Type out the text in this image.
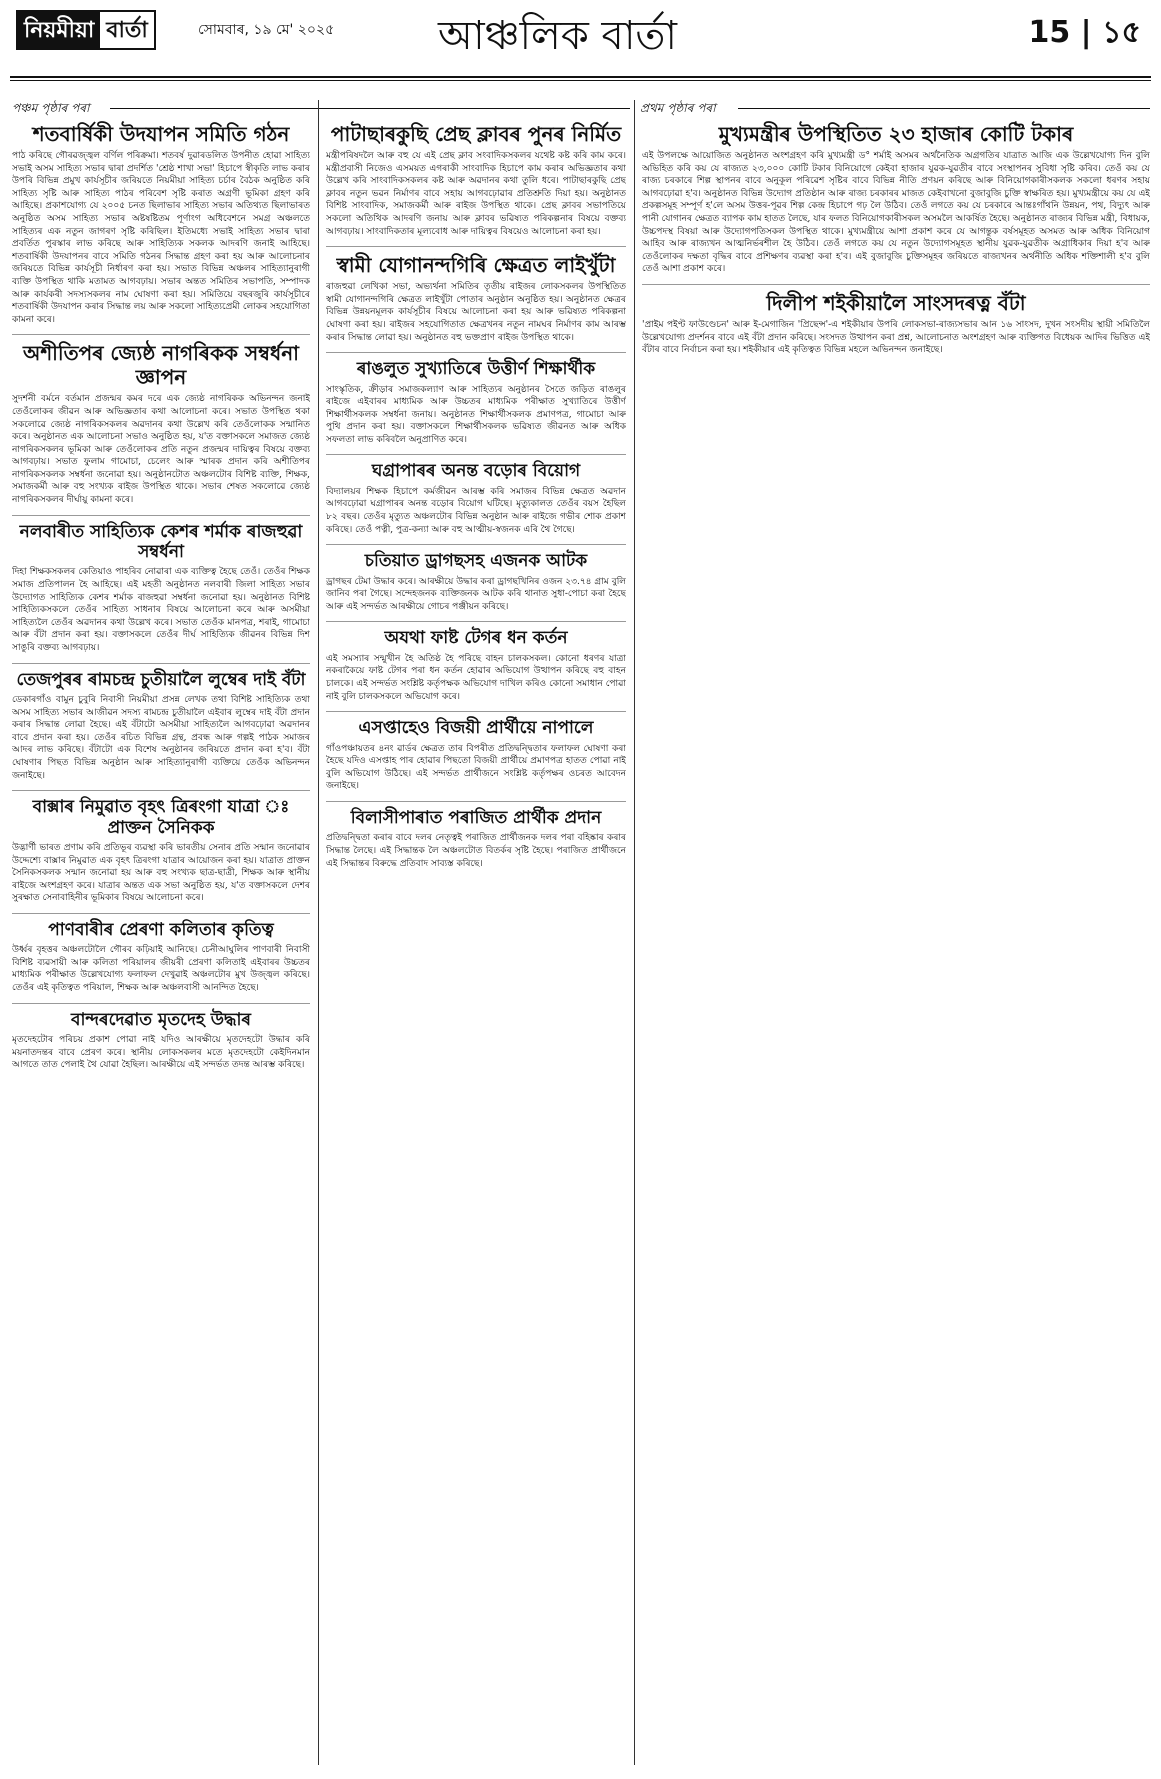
নিয়মীয়া বাৰ্তা	সোমবাৰ, ১৯ মে' ২০২৫	আঞ্চলিক বাৰ্তা	15 | ১৫
পঞ্চম পৃষ্ঠাৰ পৰা	প্ৰথম পৃষ্ঠাৰ পৰা
শতবাৰ্ষিকী উদযাপন সমিতি গঠন

পাঠ কৰিছে গৌৰৱজ্জ্বল বৰ্ণিল পৰিক্ৰমা। শতবৰ্ষ দুৱাৰডলিত উপনীত হোৱা সাহিত্য সভাই অসম সাহিত্য সভাৰ দ্বাৰা প্ৰদৰ্শিত 'শ্ৰেষ্ঠ শাখা সভা' হিচাপে স্বীকৃতি লাভ কৰাৰ উপৰি বিভিন্ন প্ৰমুখ কাৰ্যসূচীৰ জৰিয়তে নিয়মীয়া সাহিত্য চৰ্চাৰ বৈঠক অনুষ্ঠিত কৰি সাহিত্য সৃষ্টি আৰু সাহিত্য পাঠৰ পৰিবেশ সৃষ্টি কৰাত অগ্ৰণী ভূমিকা গ্ৰহণ কৰি আহিছে। প্ৰকাশযোগ্য যে ২০০৫ চনত ছিলাভাৰ সাহিত্য সভাৰ অতিথ্যত ছিলাভাৰত অনুষ্ঠিত অসম সাহিত্য সভাৰ অষ্টষষ্টিতম পূৰ্ণাংগ অধিবেশনে সমগ্ৰ অঞ্চলতে সাহিত্যৰ এক নতুন জাগৰণ সৃষ্টি কৰিছিল। ইতিমধ্যে সভাই সাহিত্য সভাৰ দ্বাৰা প্ৰবৰ্তিত পুৰস্কাৰ লাভ কৰিছে আৰু সাহিত্যিক সকলক আদৰণি জনাই আহিছে। শতবাৰ্ষিকী উদযাপনৰ বাবে সমিতি গঠনৰ সিদ্ধান্ত গ্ৰহণ কৰা হয় আৰু আলোচনাৰ জৰিয়তে বিভিন্ন কাৰ্যসূচী নিৰ্ধাৰণ কৰা হয়। সভাত বিভিন্ন অঞ্চলৰ সাহিত্যানুৰাগী ব্যক্তি উপস্থিত থাকি মতামত আগবঢ়ায়। সভাৰ অন্তত সমিতিৰ সভাপতি, সম্পাদক আৰু কাৰ্যকৰী সদস্যসকলৰ নাম ঘোষণা কৰা হয়। সমিতিয়ে বছৰজুৰি কাৰ্যসূচীৰে শতবাৰ্ষিকী উদযাপন কৰাৰ সিদ্ধান্ত লয় আৰু সকলো সাহিত্যপ্ৰেমী লোকৰ সহযোগিতা কামনা কৰে।

অশীতিপৰ জ্যেষ্ঠ নাগৰিকক সম্বৰ্ধনা জ্ঞাপন

সুদৰ্শনী বৰ্মনে বৰ্তমান প্ৰজন্মৰ কমৰ দৰে এক জ্যেষ্ঠ নাগৰিকক অভিনন্দন জনাই তেওঁলোকৰ জীৱন আৰু অভিজ্ঞতাৰ কথা আলোচনা কৰে। সভাত উপস্থিত থকা সকলোৱে জ্যেষ্ঠ নাগৰিকসকলৰ অৱদানৰ কথা উল্লেখ কৰি তেওঁলোকক সন্মানিত কৰে। অনুষ্ঠানত এক আলোচনা সভাও অনুষ্ঠিত হয়, য'ত বক্তাসকলে সমাজত জ্যেষ্ঠ নাগৰিকসকলৰ ভূমিকা আৰু তেওঁলোকৰ প্ৰতি নতুন প্ৰজন্মৰ দায়িত্বৰ বিষয়ে বক্তব্য আগবঢ়ায়। সভাত ফুলাম গামোচা, চেলেং আৰু স্মাৰক প্ৰদান কৰি অশীতিপৰ নাগৰিকসকলক সম্বৰ্ধনা জনোৱা হয়। অনুষ্ঠানটোত অঞ্চলটোৰ বিশিষ্ট ব্যক্তি, শিক্ষক, সমাজকৰ্মী আৰু বহু সংখ্যক ৰাইজ উপস্থিত থাকে। সভাৰ শেষত সকলোৱে জ্যেষ্ঠ নাগৰিকসকলৰ দীৰ্ঘায়ু কামনা কৰে।

নলবাৰীত সাহিত্যিক কেশৰ শৰ্মাক ৰাজহুৱা সম্বৰ্ধনা

দিহা শিক্ষকসকলৰ কেতিয়াও পাহৰিব নোৱাৰা এক ব্যক্তিত্ব হৈছে তেওঁ। তেওঁৰ শিক্ষক সমাজ প্ৰতিপালন হৈ আহিছে। এই মহতী অনুষ্ঠানত নলবাৰী জিলা সাহিত্য সভাৰ উদ্যোগত সাহিত্যিক কেশৰ শৰ্মাক ৰাজহুৱা সম্বৰ্ধনা জনোৱা হয়। অনুষ্ঠানত বিশিষ্ট সাহিত্যিকসকলে তেওঁৰ সাহিত্য সাধনাৰ বিষয়ে আলোচনা কৰে আৰু অসমীয়া সাহিত্যলৈ তেওঁৰ অৱদানৰ কথা উল্লেখ কৰে। সভাত তেওঁক মানপত্ৰ, শৰাই, গামোচা আৰু বঁটা প্ৰদান কৰা হয়। বক্তাসকলে তেওঁৰ দীৰ্ঘ সাহিত্যিক জীৱনৰ বিভিন্ন দিশ সাঙুৰি বক্তব্য আগবঢ়ায়।

তেজপুৰৰ ৰামচন্দ্ৰ চুতীয়ালৈ লুম্বেৰ দাই বঁটা

ডেকাৰগাঁও বামুন চুবুৰি নিবাসী নিয়মীয়া প্ৰসন্ন লেখক তথা বিশিষ্ট সাহিত্যিক তথা অসম সাহিত্য সভাৰ আজীৱন সদস্য ৰামচন্দ্ৰ চুতীয়ালৈ এইবাৰ লুম্বেৰ দাই বঁটা প্ৰদান কৰাৰ সিদ্ধান্ত লোৱা হৈছে। এই বঁটাটো অসমীয়া সাহিত্যলৈ আগবঢ়োৱা অৱদানৰ বাবে প্ৰদান কৰা হয়। তেওঁৰ ৰচিত বিভিন্ন গ্ৰন্থ, প্ৰবন্ধ আৰু গল্পই পাঠক সমাজৰ আদৰ লাভ কৰিছে। বঁটাটো এক বিশেষ অনুষ্ঠানৰ জৰিয়তে প্ৰদান কৰা হ'ব। বঁটা ঘোষণাৰ পিছত বিভিন্ন অনুষ্ঠান আৰু সাহিত্যানুৰাগী ব্যক্তিয়ে তেওঁক অভিনন্দন জনাইছে।

বাক্সাৰ নিমুৱাত বৃহৎ ত্ৰিৰংগা যাত্ৰা ঃ প্ৰাক্তন সৈনিকক

উদ্ভাৰ্ণী ভাৰত প্ৰণাম কৰি প্ৰতিভূৰ ব্যৱস্থা কৰি ভাৰতীয় সেনাৰ প্ৰতি সন্মান জনোৱাৰ উদ্দেশ্যে বাক্সাৰ নিমুৱাত এক বৃহৎ ত্ৰিৰংগা যাত্ৰাৰ আয়োজন কৰা হয়। যাত্ৰাত প্ৰাক্তন সৈনিকসকলক সন্মান জনোৱা হয় আৰু বহু সংখ্যক ছাত্ৰ-ছাত্ৰী, শিক্ষক আৰু স্থানীয় ৰাইজে অংশগ্ৰহণ কৰে। যাত্ৰাৰ অন্তত এক সভা অনুষ্ঠিত হয়, য'ত বক্তাসকলে দেশৰ সুৰক্ষাত সেনাবাহিনীৰ ভূমিকাৰ বিষয়ে আলোচনা কৰে।

পাণবাৰীৰ প্ৰেৰণা কলিতাৰ কৃতিত্ব

উৰ্ধ্বৰ বৃহত্তৰ অঞ্চলটোলৈ গৌৰব কঢ়িয়াই আনিছে। চেনীআঘুলিৰ পাণবাৰী নিবাসী বিশিষ্ট ব্যৱসায়ী আৰু কলিতা পৰিয়ালৰ জীয়ৰী প্ৰেৰণা কলিতাই এইবাৰৰ উচ্চতৰ মাধ্যমিক পৰীক্ষাত উল্লেখযোগ্য ফলাফল দেখুৱাই অঞ্চলটোৰ মুখ উজ্জ্বল কৰিছে। তেওঁৰ এই কৃতিত্বত পৰিয়াল, শিক্ষক আৰু অঞ্চলবাসী আনন্দিত হৈছে।

বান্দৰদেৱাত মৃতদেহ উদ্ধাৰ

মৃতদেহটোৰ পৰিচয় প্ৰকাশ পোৱা নাই যদিও আৰক্ষীয়ে মৃতদেহটো উদ্ধাৰ কৰি ময়নাতদন্তৰ বাবে প্ৰেৰণ কৰে। স্থানীয় লোকসকলৰ মতে মৃতদেহটো কেইদিনমান আগতে তাত পেলাই থৈ যোৱা হৈছিল। আৰক্ষীয়ে এই সন্দৰ্ভত তদন্ত আৰম্ভ কৰিছে।

পাটাছাৰকুছি প্ৰেছ ক্লাবৰ পুনৰ নিৰ্মিত

মন্ত্ৰীপৰিষদলৈ আৰু বহু যে এই প্ৰেছ ক্লাব সংবাদিকসকলৰ যথেষ্ট কষ্ট কৰি কাম কৰে। মন্ত্ৰীপ্ৰবাসী নিজেও এসময়ত এগৰাকী সাংবাদিক হিচাপে কাম কৰাৰ অভিজ্ঞতাৰ কথা উল্লেখ কৰি সাংবাদিকসকলৰ কষ্ট আৰু অৱদানৰ কথা তুলি ধৰে। পাটাছাৰকুছি প্ৰেছ ক্লাবৰ নতুন ভৱন নিৰ্মাণৰ বাবে সহায় আগবঢ়োৱাৰ প্ৰতিশ্ৰুতি দিয়া হয়। অনুষ্ঠানত বিশিষ্ট সাংবাদিক, সমাজকৰ্মী আৰু ৰাইজ উপস্থিত থাকে। প্ৰেছ ক্লাবৰ সভাপতিয়ে সকলো অতিথিক আদৰণি জনায় আৰু ক্লাবৰ ভৱিষ্যত পৰিকল্পনাৰ বিষয়ে বক্তব্য আগবঢ়ায়। সাংবাদিকতাৰ মূল্যবোধ আৰু দায়িত্বৰ বিষয়েও আলোচনা কৰা হয়।

স্বামী যোগানন্দগিৰি ক্ষেত্ৰত লাইখুঁটা

ৰাজহুৱা লেখিকা সভা, অভ্যৰ্থনা সমিতিৰ তৃতীয় ৰাইজৰ লোকসকলৰ উপস্থিতিত স্বামী যোগানন্দগিৰি ক্ষেত্ৰত লাইখুঁটা পোতাৰ অনুষ্ঠান অনুষ্ঠিত হয়। অনুষ্ঠানত ক্ষেত্ৰৰ বিভিন্ন উন্নয়নমূলক কাৰ্যসূচীৰ বিষয়ে আলোচনা কৰা হয় আৰু ভৱিষ্যত পৰিকল্পনা ঘোষণা কৰা হয়। ৰাইজৰ সহযোগিতাত ক্ষেত্ৰখনৰ নতুন নামঘৰ নিৰ্মাণৰ কাম আৰম্ভ কৰাৰ সিদ্ধান্ত লোৱা হয়। অনুষ্ঠানত বহু ভক্তপ্ৰাণ ৰাইজ উপস্থিত থাকে।

ৰাঙলুত সুখ্যাতিৰে উত্তীৰ্ণ শিক্ষাৰ্থীক

সাংস্কৃতিক, ক্ৰীড়াৰ সমাজকল্যাণ আৰু সাহিত্যৰ অনুষ্ঠানৰ সৈতে জড়িত ৰাঙলুৰ ৰাইজে এইবাৰৰ মাধ্যমিক আৰু উচ্চতৰ মাধ্যমিক পৰীক্ষাত সুখ্যাতিৰে উত্তীৰ্ণ শিক্ষাৰ্থীসকলক সম্বৰ্ধনা জনায়। অনুষ্ঠানত শিক্ষাৰ্থীসকলক প্ৰমাণপত্ৰ, গামোচা আৰু পুথি প্ৰদান কৰা হয়। বক্তাসকলে শিক্ষাৰ্থীসকলক ভৱিষ্যত জীৱনত আৰু অধিক সফলতা লাভ কৰিবলৈ অনুপ্ৰাণিত কৰে।

ঘগ্ৰাপাৰৰ অনন্ত বড়োৰ বিয়োগ

বিদ্যালয়ৰ শিক্ষক হিচাপে কৰ্মজীৱন আৰম্ভ কৰি সমাজৰ বিভিন্ন ক্ষেত্ৰত অৱদান আগবঢ়োৱা ঘগ্ৰাপাৰৰ অনন্ত বড়োৰ বিয়োগ ঘটিছে। মৃত্যুকালত তেওঁৰ বয়স হৈছিল ৮২ বছৰ। তেওঁৰ মৃত্যুত অঞ্চলটোৰ বিভিন্ন অনুষ্ঠান আৰু ৰাইজে গভীৰ শোক প্ৰকাশ কৰিছে। তেওঁ পত্নী, পুত্ৰ-কন্যা আৰু বহু আত্মীয়-স্বজনক এৰি থৈ গৈছে।

চতিয়াত ড্ৰাগছসহ এজনক আটক

ড্ৰাগছৰ টেমা উদ্ধাৰ কৰে। আৰক্ষীয়ে উদ্ধাৰ কৰা ড্ৰাগছখিনিৰ ওজন ২৩.৭৪ গ্ৰাম বুলি জানিব পৰা গৈছে। সন্দেহজনক ব্যক্তিজনক আটক কৰি থানাত সুধা-পোচা কৰা হৈছে আৰু এই সন্দৰ্ভত আৰক্ষীয়ে গোচৰ পঞ্জীয়ন কৰিছে।

অযথা ফাষ্ট টেগৰ ধন কৰ্তন

এই সমস্যাৰ সন্মুখীন হৈ অতিষ্ঠ হৈ পৰিছে বাহন চালকসকল। কোনো ধৰণৰ যাত্ৰা নকৰাকৈয়ে ফাষ্ট টেগৰ পৰা ধন কৰ্তন হোৱাৰ অভিযোগ উত্থাপন কৰিছে বহু বাহন চালকে। এই সন্দৰ্ভত সংশ্লিষ্ট কৰ্তৃপক্ষক অভিযোগ দাখিল কৰিও কোনো সমাধান পোৱা নাই বুলি চালকসকলে অভিযোগ কৰে।

এসপ্তাহেও বিজয়ী প্ৰাৰ্থীয়ে নাপালে

গাঁওপঞ্চায়তৰ ৪নং ৱাৰ্ডৰ ক্ষেত্ৰত তাৰ বিপৰীত প্ৰতিদ্বন্দ্বিতাৰ ফলাফল ঘোষণা কৰা হৈছে যদিও এসপ্তাহ পাৰ হোৱাৰ পিছতো বিজয়ী প্ৰাৰ্থীয়ে প্ৰমাণপত্ৰ হাতত পোৱা নাই বুলি অভিযোগ উঠিছে। এই সন্দৰ্ভত প্ৰাৰ্থীজনে সংশ্লিষ্ট কৰ্তৃপক্ষৰ ওচৰত আবেদন জনাইছে।

বিলাসীপাৰাত পৰাজিত প্ৰাৰ্থীক প্ৰদান

প্ৰতিদ্বন্দ্বিতা কৰাৰ বাবে দলৰ নেতৃত্বই পৰাজিত প্ৰাৰ্থীজনক দলৰ পৰা বহিষ্কাৰ কৰাৰ সিদ্ধান্ত লৈছে। এই সিদ্ধান্তক লৈ অঞ্চলটোত বিতৰ্কৰ সৃষ্টি হৈছে। পৰাজিত প্ৰাৰ্থীজনে এই সিদ্ধান্তৰ বিৰুদ্ধে প্ৰতিবাদ সাব্যস্ত কৰিছে।

মুখ্যমন্ত্ৰীৰ উপস্থিতিত ২৩ হাজাৰ কোটি টকাৰ

এই উপলক্ষে আয়োজিত অনুষ্ঠানত অংশগ্ৰহণ কৰি মুখ্যমন্ত্ৰী ড° শৰ্মাই অসমৰ অৰ্থনৈতিক অগ্ৰগতিৰ যাত্ৰাত আজি এক উল্লেখযোগ্য দিন বুলি অভিহিত কৰি কয় যে ৰাজ্যত ২৩,০০০ কোটি টকাৰ বিনিয়োগে কেইবা হাজাৰ যুৱক-যুৱতীৰ বাবে সংস্থাপনৰ সুবিধা সৃষ্টি কৰিব। তেওঁ কয় যে ৰাজ্য চৰকাৰে শিল্প স্থাপনৰ বাবে অনুকূল পৰিৱেশ সৃষ্টিৰ বাবে বিভিন্ন নীতি প্ৰণয়ন কৰিছে আৰু বিনিয়োগকাৰীসকলক সকলো ধৰণৰ সহায় আগবঢ়োৱা হ'ব। অনুষ্ঠানত বিভিন্ন উদ্যোগ প্ৰতিষ্ঠান আৰু ৰাজ্য চৰকাৰৰ মাজত কেইবাখনো বুজাবুজি চুক্তি স্বাক্ষৰিত হয়। মুখ্যমন্ত্ৰীয়ে কয় যে এই প্ৰকল্পসমূহ সম্পূৰ্ণ হ'লে অসম উত্তৰ-পূৱৰ শিল্প কেন্দ্ৰ হিচাপে গঢ় লৈ উঠিব। তেওঁ লগতে কয় যে চৰকাৰে আন্তঃগাঁথনি উন্নয়ন, পথ, বিদ্যুৎ আৰু পানী যোগানৰ ক্ষেত্ৰত ব্যাপক কাম হাতত লৈছে, যাৰ ফলত বিনিয়োগকাৰীসকল অসমলৈ আকৰ্ষিত হৈছে। অনুষ্ঠানত ৰাজ্যৰ বিভিন্ন মন্ত্ৰী, বিধায়ক, উচ্চপদস্থ বিষয়া আৰু উদ্যোগপতিসকল উপস্থিত থাকে। মুখ্যমন্ত্ৰীয়ে আশা প্ৰকাশ কৰে যে আগন্তুক বৰ্ষসমূহত অসমত আৰু অধিক বিনিয়োগ আহিব আৰু ৰাজ্যখন আত্মনিৰ্ভৰশীল হৈ উঠিব। তেওঁ লগতে কয় যে নতুন উদ্যোগসমূহত স্থানীয় যুৱক-যুৱতীক অগ্ৰাধিকাৰ দিয়া হ'ব আৰু তেওঁলোকৰ দক্ষতা বৃদ্ধিৰ বাবে প্ৰশিক্ষণৰ ব্যৱস্থা কৰা হ'ব। এই বুজাবুজি চুক্তিসমূহৰ জৰিয়তে ৰাজ্যখনৰ অৰ্থনীতি অধিক শক্তিশালী হ'ব বুলি তেওঁ আশা প্ৰকাশ কৰে।

দিলীপ শইকীয়ালৈ সাংসদৰত্ন বঁটা

'প্ৰাইম পইণ্ট ফাউণ্ডেচন' আৰু ই-মেগাজিন 'প্ৰিছেন্স'-এ শইকীয়াৰ উপৰি লোকসভা-ৰাজ্যসভাৰ আন ১৬ সাংসদ, দুখন সংসদীয় স্থায়ী সমিতিলৈ উল্লেখযোগ্য প্ৰদৰ্শনৰ বাবে এই বঁটা প্ৰদান কৰিছে। সংসদত উত্থাপন কৰা প্ৰশ্ন, আলোচনাত অংশগ্ৰহণ আৰু ব্যক্তিগত বিধেয়ক আদিৰ ভিত্তিত এই বঁটাৰ বাবে নিৰ্বাচন কৰা হয়। শইকীয়াৰ এই কৃতিত্বত বিভিন্ন মহলে অভিনন্দন জনাইছে।
